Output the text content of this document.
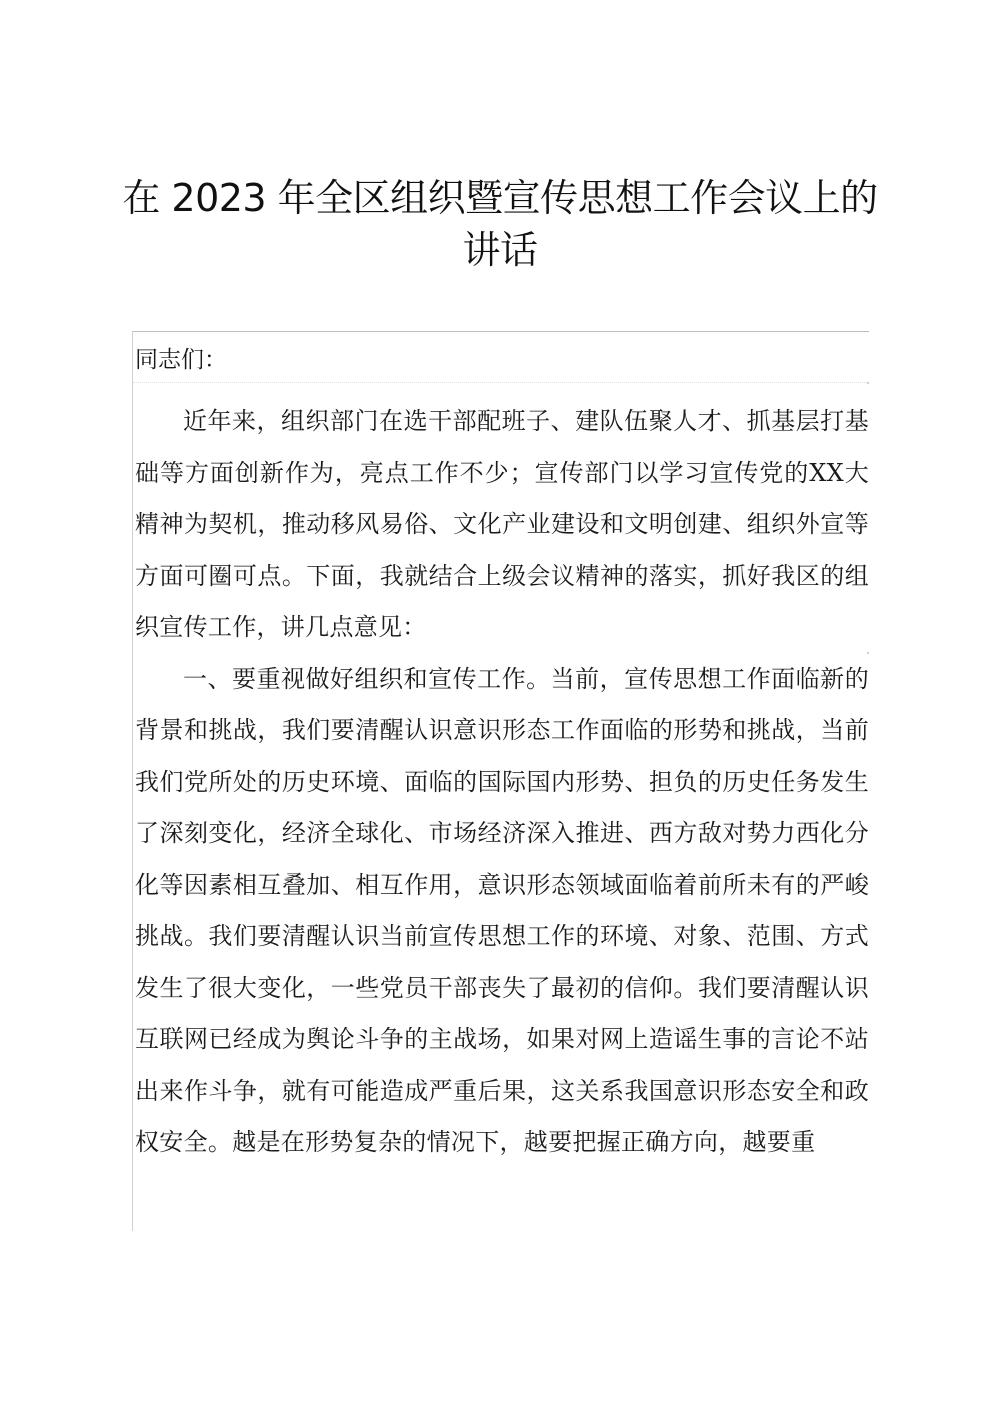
在 2023 年全区组织暨宣传思想工作会议上的
讲话

同志们：

近年来，组织部门在选干部配班子、建队伍聚人才、抓基层打基础等方面创新作为，亮点工作不少；宣传部门以学习宣传党的XX大精神为契机，推动移风易俗、文化产业建设和文明创建、组织外宣等方面可圈可点。下面，我就结合上级会议精神的落实，抓好我区的组织宣传工作，讲几点意见：

一、要重视做好组织和宣传工作。当前，宣传思想工作面临新的背景和挑战，我们要清醒认识意识形态工作面临的形势和挑战，当前我们党所处的历史环境、面临的国际国内形势、担负的历史任务发生了深刻变化，经济全球化、市场经济深入推进、西方敌对势力西化分化等因素相互叠加、相互作用，意识形态领域面临着前所未有的严峻挑战。我们要清醒认识当前宣传思想工作的环境、对象、范围、方式发生了很大变化，一些党员干部丧失了最初的信仰。我们要清醒认识互联网已经成为舆论斗争的主战场，如果对网上造谣生事的言论不站出来作斗争，就有可能造成严重后果，这关系我国意识形态安全和政权安全。越是在形势复杂的情况下，越要把握正确方向，越要重
